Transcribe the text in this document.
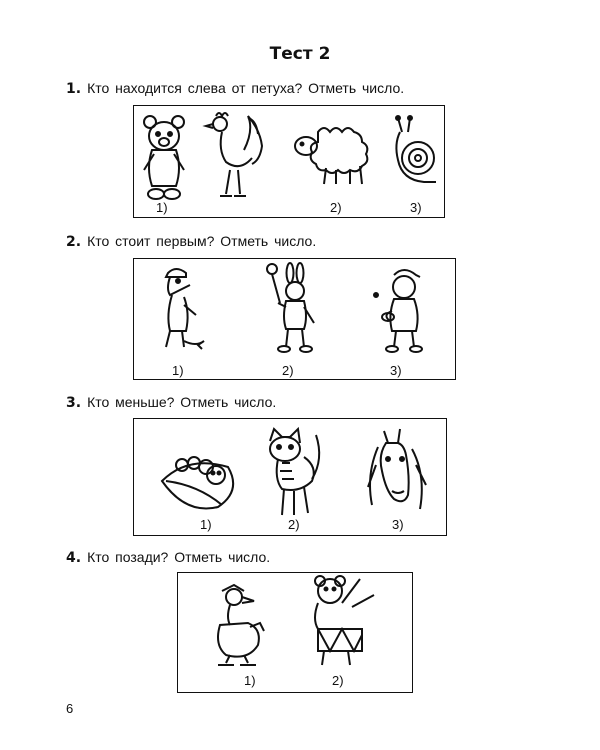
Тест 2
1. Кто находится слева от петуха? Отметь число.
1)	2)	3)
2. Кто стоит первым? Отметь число.
1)	2)	3)
3. Кто меньше? Отметь число.
1)	2)	3)
4. Кто позади? Отметь число.
1)	2)
6
